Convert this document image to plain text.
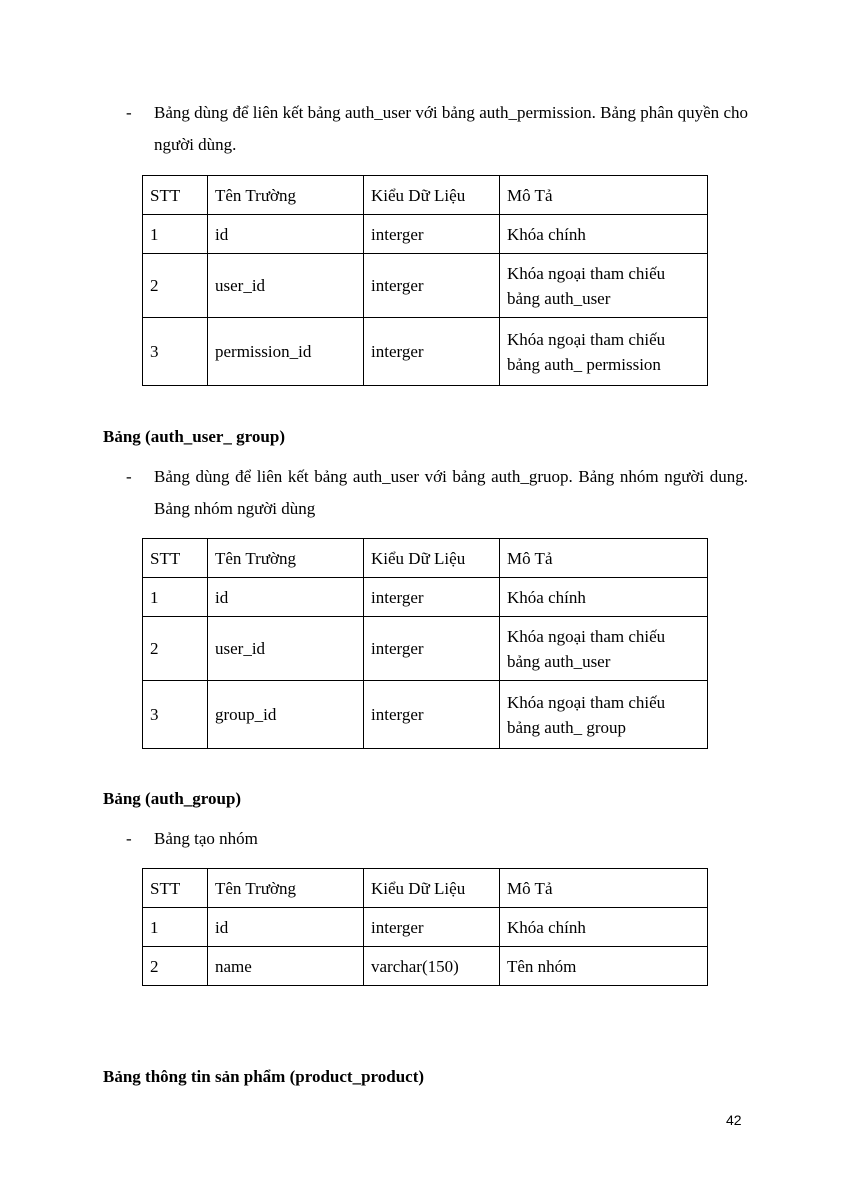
-	Bảng dùng để liên kết bảng auth_user với bảng auth_permission. Bảng phân quyền cho người dùng.
STT	Tên Trường	Kiểu Dữ Liệu	Mô Tả
1	id	interger	Khóa chính
2	user_id	interger	Khóa ngoại tham chiếu bảng auth_user
3	permission_id	interger	Khóa ngoại tham chiếu bảng auth_ permission
Bảng (auth_user_ group)
-	Bảng dùng để liên kết bảng auth_user với bảng auth_gruop. Bảng nhóm người dung. Bảng nhóm người dùng
STT	Tên Trường	Kiểu Dữ Liệu	Mô Tả
1	id	interger	Khóa chính
2	user_id	interger	Khóa ngoại tham chiếu bảng auth_user
3	group_id	interger	Khóa ngoại tham chiếu bảng auth_ group
Bảng (auth_group)
-	Bảng tạo nhóm
STT	Tên Trường	Kiểu Dữ Liệu	Mô Tả
1	id	interger	Khóa chính
2	name	varchar(150)	Tên nhóm
Bảng thông tin sản phẩm (product_product)
42
